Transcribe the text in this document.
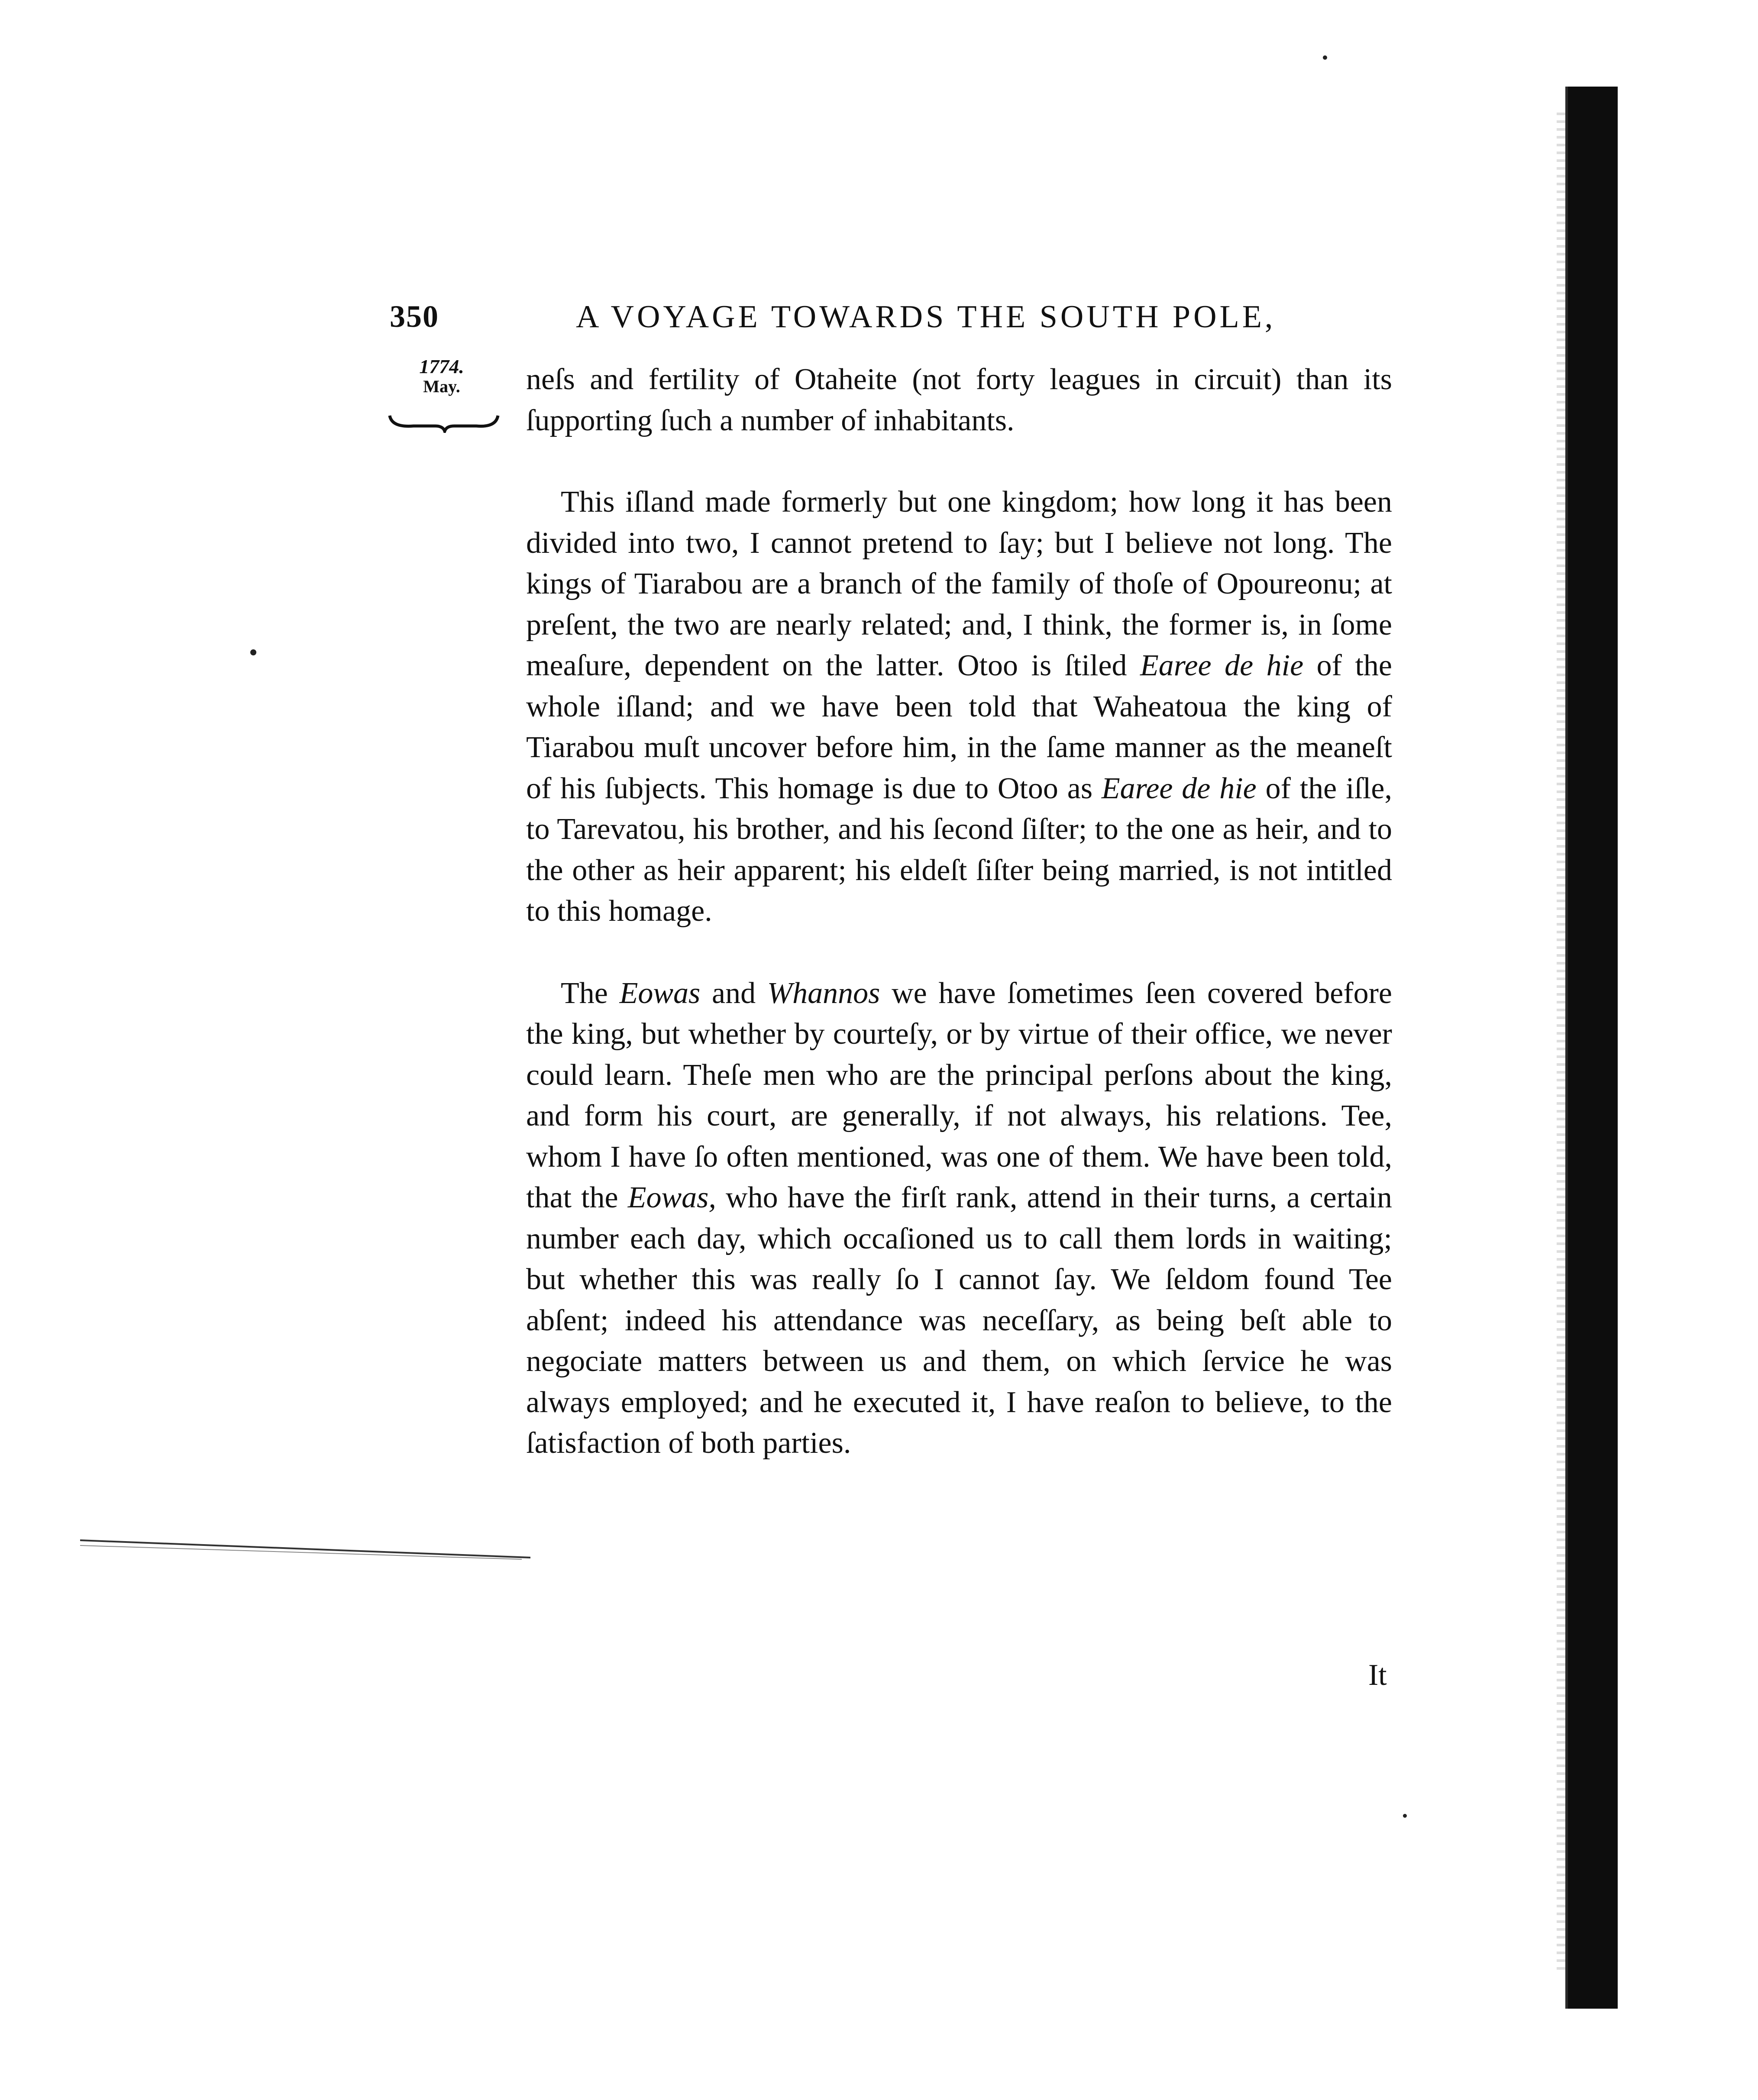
350	A VOYAGE TOWARDS THE SOUTH POLE,
1774.
May.	neſs and fertility of Otaheite (not forty leagues in circuit) than its ſupporting ſuch a number of inhabitants.

This iſland made formerly but one kingdom; how long it has been divided into two, I cannot pretend to ſay; but I believe not long. The kings of Tiarabou are a branch of the family of thoſe of Opoureonu; at preſent, the two are nearly related; and, I think, the former is, in ſome meaſure, dependent on the latter. Otoo is ſtiled Earee de hie of the whole iſland; and we have been told that Waheatoua the king of Tiarabou muſt uncover before him, in the ſame manner as the meaneſt of his ſubjects. This homage is due to Otoo as Earee de hie of the iſle, to Tarevatou, his brother, and his ſecond ſiſter; to the one as heir, and to the other as heir apparent; his eldeſt ſiſter being married, is not intitled to this homage.

The Eowas and Whannos we have ſometimes ſeen covered before the king, but whether by courteſy, or by virtue of their office, we never could learn. Theſe men who are the principal perſons about the king, and form his court, are generally, if not always, his relations. Tee, whom I have ſo often mentioned, was one of them. We have been told, that the Eowas, who have the firſt rank, attend in their turns, a certain number each day, which occaſioned us to call them lords in waiting; but whether this was really ſo I cannot ſay. We ſeldom found Tee abſent; indeed his attendance was neceſſary, as being beſt able to negociate matters between us and them, on which ſervice he was always employed; and he executed it, I have reaſon to believe, to the ſatisfaction of both parties.

It
